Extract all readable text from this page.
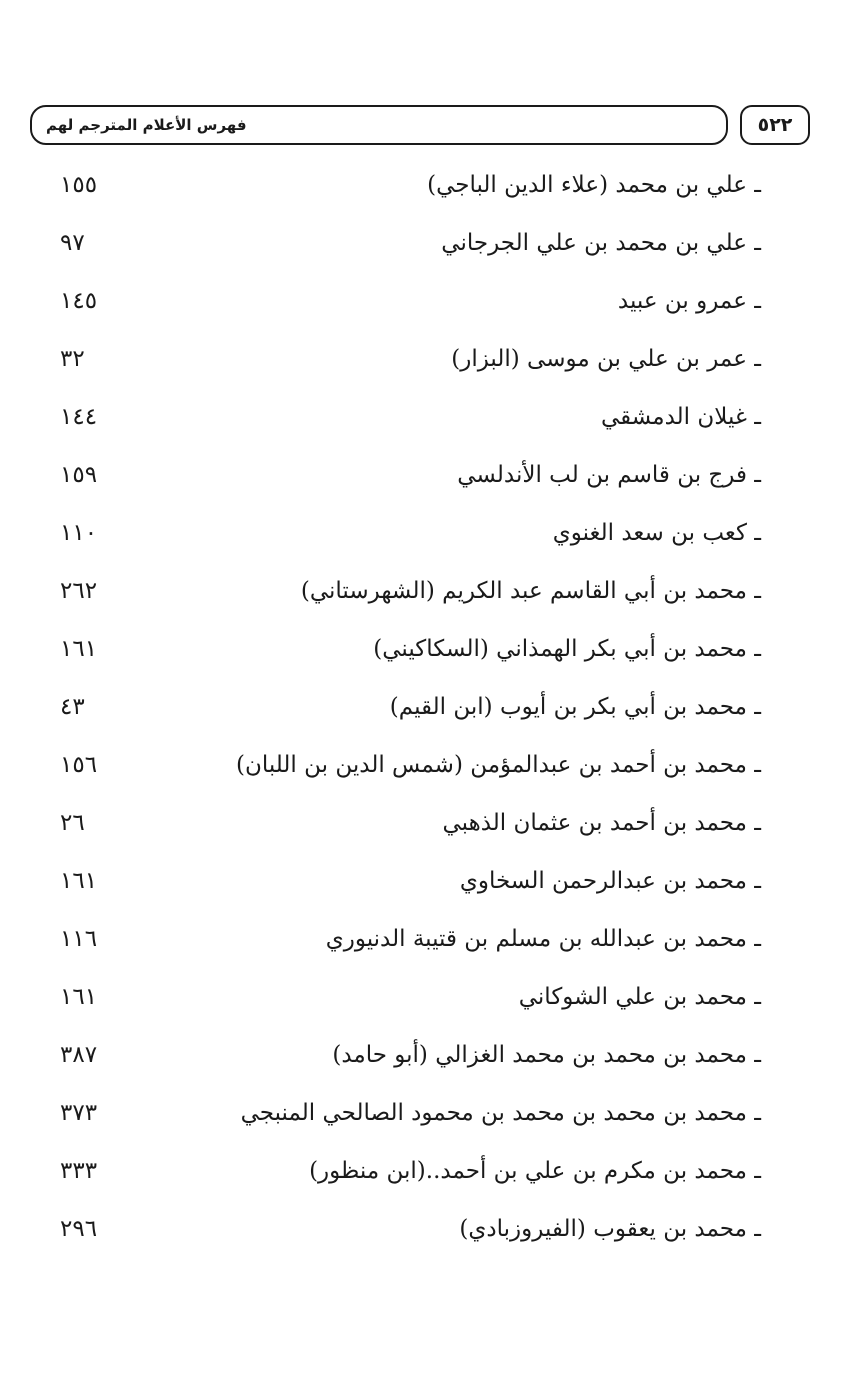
فهرس الأعلام المترجم لهم	٥٢٢
ـ علي بن محمد (علاء الدين الباجي)
١٥٥
ـ علي بن محمد بن علي الجرجاني
٩٧
ـ عمرو بن عبيد
١٤٥
ـ عمر بن علي بن موسى (البزار)
٣٢
ـ غيلان الدمشقي
١٤٤
ـ فرج بن قاسم بن لب الأندلسي
١٥٩
ـ كعب بن سعد الغنوي
١١٠
ـ محمد بن أبي القاسم عبد الكريم (الشهرستاني)
٢٦٢
ـ محمد بن أبي بكر الهمذاني (السكاكيني)
١٦١
ـ محمد بن أبي بكر بن أيوب (ابن القيم)
٤٣
ـ محمد بن أحمد بن عبدالمؤمن (شمس الدين بن اللبان)
١٥٦
ـ محمد بن أحمد بن عثمان الذهبي
٢٦
ـ محمد بن عبدالرحمن السخاوي
١٦١
ـ محمد بن عبدالله بن مسلم بن قتيبة الدنيوري
١١٦
ـ محمد بن علي الشوكاني
١٦١
ـ محمد بن محمد بن محمد الغزالي (أبو حامد)
٣٨٧
ـ محمد بن محمد بن محمد بن محمود الصالحي المنبجي
٣٧٣
ـ محمد بن مكرم بن علي بن أحمد..(ابن منظور)
٣٣٣
ـ محمد بن يعقوب (الفيروزبادي)
٢٩٦
